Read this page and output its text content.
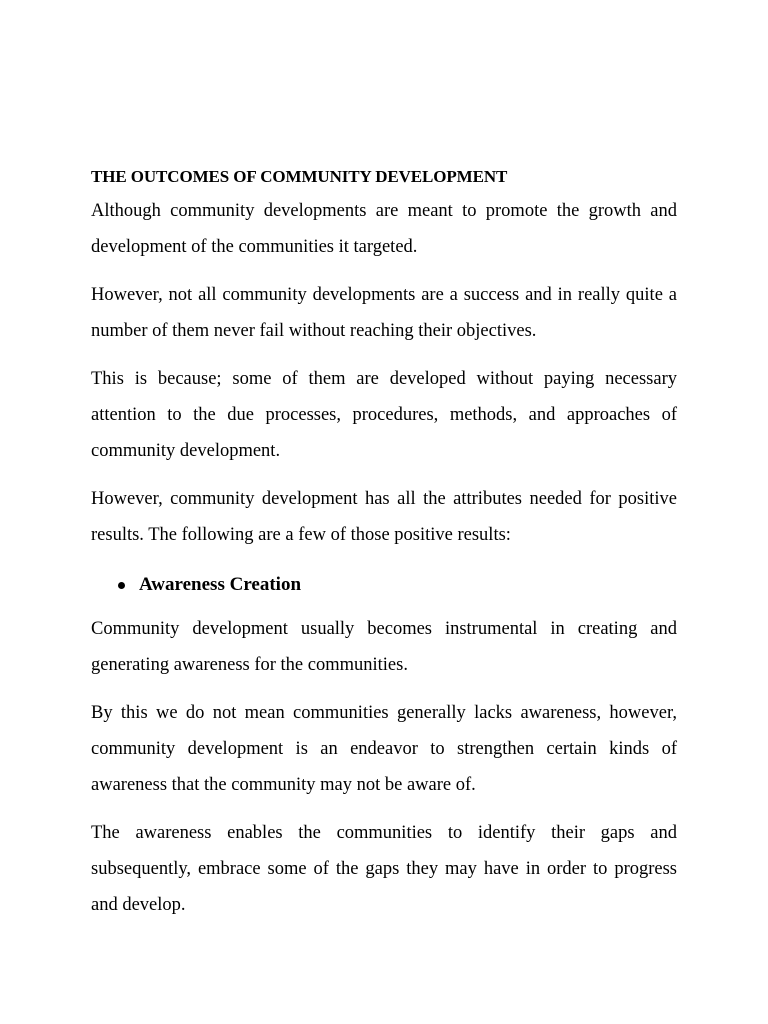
THE OUTCOMES OF COMMUNITY DEVELOPMENT

Although community developments are meant to promote the growth and development of the communities it targeted.

However, not all community developments are a success and in really quite a number of them never fail without reaching their objectives.

This is because; some of them are developed without paying necessary attention to the due processes, procedures, methods, and approaches of community development.

However, community development has all the attributes needed for positive results. The following are a few of those positive results:

Awareness Creation

Community development usually becomes instrumental in creating and generating awareness for the communities.

By this we do not mean communities generally lacks awareness, however, community development is an endeavor to strengthen certain kinds of awareness that the community may not be aware of.

The awareness enables the communities to identify their gaps and subsequently, embrace some of the gaps they may have in order to progress and develop.
